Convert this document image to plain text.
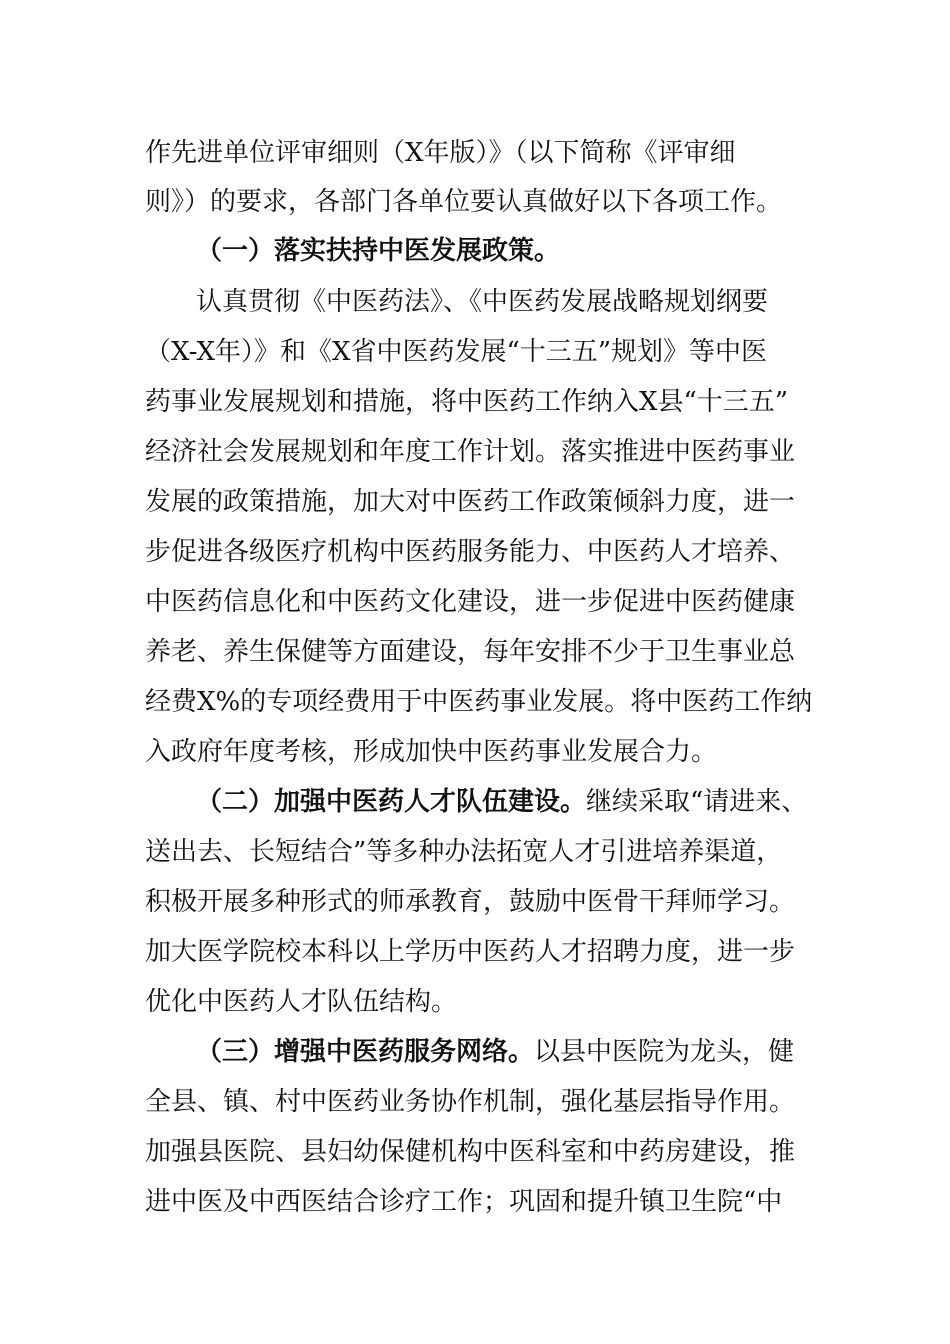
作先进单位评审细则（X年版）》（以下简称《评审细
则》）的要求，各部门各单位要认真做好以下各项工作。
（一）落实扶持中医发展政策。
认真贯彻《中医药法》、《中医药发展战略规划纲要
（X-X年）》和《X省中医药发展“十三五”规划》等中医
药事业发展规划和措施，将中医药工作纳入X县“十三五”
经济社会发展规划和年度工作计划。落实推进中医药事业
发展的政策措施，加大对中医药工作政策倾斜力度，进一
步促进各级医疗机构中医药服务能力、中医药人才培养、
中医药信息化和中医药文化建设，进一步促进中医药健康
养老、养生保健等方面建设，每年安排不少于卫生事业总
经费X%的专项经费用于中医药事业发展。将中医药工作纳
入政府年度考核，形成加快中医药事业发展合力。
（二）加强中医药人才队伍建设。继续采取“请进来、
送出去、长短结合”等多种办法拓宽人才引进培养渠道，
积极开展多种形式的师承教育，鼓励中医骨干拜师学习。
加大医学院校本科以上学历中医药人才招聘力度，进一步
优化中医药人才队伍结构。
（三）增强中医药服务网络。以县中医院为龙头，健
全县、镇、村中医药业务协作机制，强化基层指导作用。
加强县医院、县妇幼保健机构中医科室和中药房建设，推
进中医及中西医结合诊疗工作；巩固和提升镇卫生院“中
